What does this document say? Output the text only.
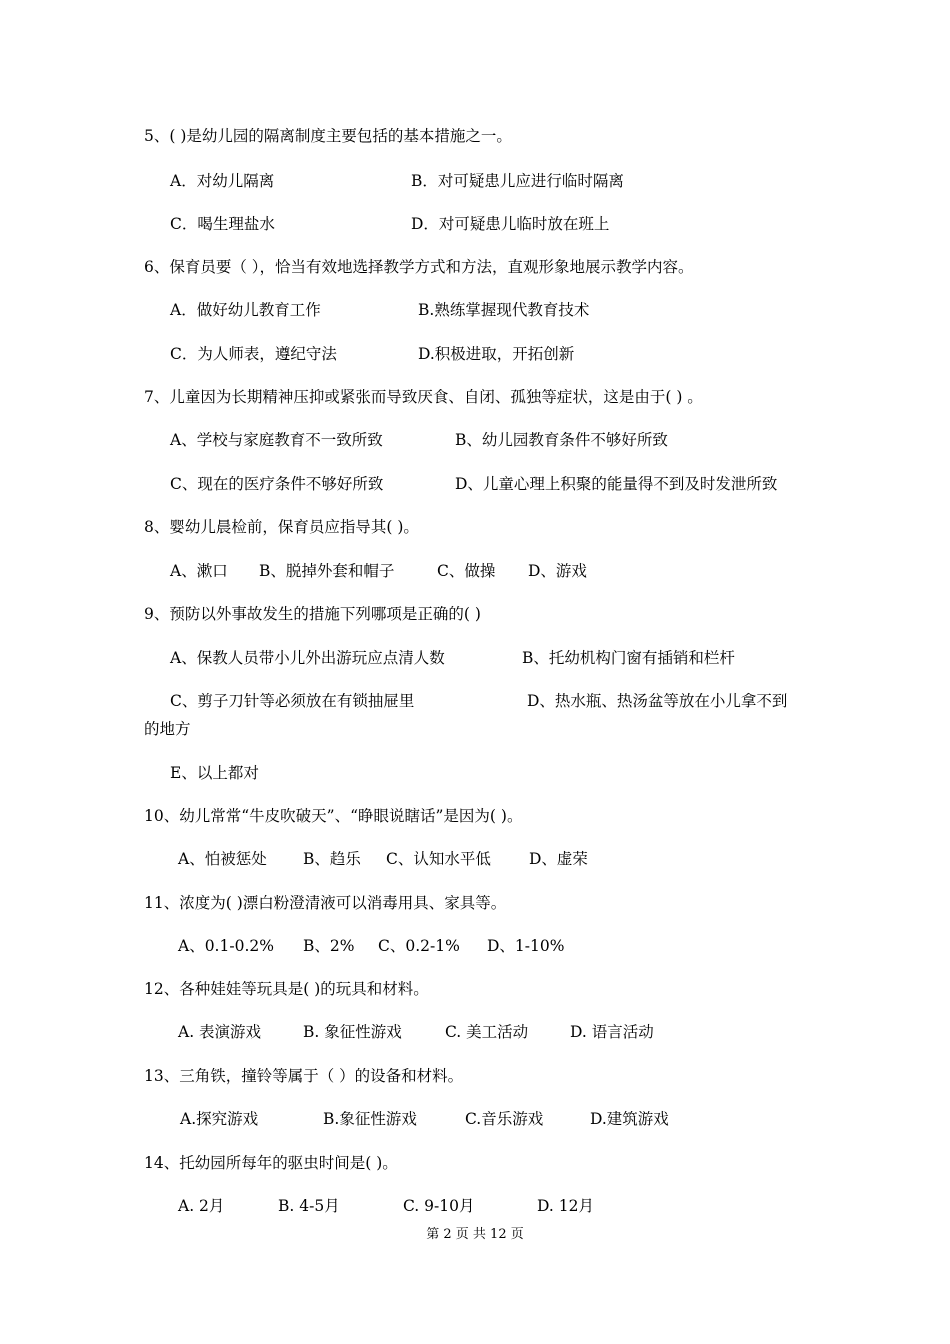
5、( )是幼儿园的隔离制度主要包括的基本措施之一。
A．对幼儿隔离	B．对可疑患儿应进行临时隔离
C．喝生理盐水	D．对可疑患儿临时放在班上
6、保育员要（ ），恰当有效地选择教学方式和方法，直观形象地展示教学内容。
A．做好幼儿教育工作	B.熟练掌握现代教育技术
C．为人师表，遵纪守法	D.积极进取，开拓创新
7、儿童因为长期精神压抑或紧张而导致厌食、自闭、孤独等症状，这是由于( ) 。
A、学校与家庭教育不一致所致	B、幼儿园教育条件不够好所致
C、现在的医疗条件不够好所致	D、儿童心理上积聚的能量得不到及时发泄所致
8、婴幼儿晨检前，保育员应指导其( )。
A、漱口 B、脱掉外套和帽子	C、做操 D、游戏
9、预防以外事故发生的措施下列哪项是正确的( )
A、保教人员带小儿外出游玩应点清人数	B、托幼机构门窗有插销和栏杆
C、剪子刀针等必须放在有锁抽屉里	D、热水瓶、热汤盆等放在小儿拿不到
的地方
E、以上都对
10、幼儿常常“牛皮吹破天”、“睁眼说瞎话”是因为( )。
A、怕被惩处 B、趋乐 C、认知水平低 D、虚荣
11、浓度为( )漂白粉澄清液可以消毒用具、家具等。
A、0.1-0.2% B、2% C、0.2-1% D、1-10%
12、各种娃娃等玩具是( )的玩具和材料。
A. 表演游戏	B. 象征性游戏	C. 美工活动	D. 语言活动
13、三角铁，撞铃等属于（ ）的设备和材料。
A.探究游戏	B.象征性游戏	C.音乐游戏	D.建筑游戏
14、托幼园所每年的驱虫时间是( )。
A. 2月	B. 4-5月	C. 9-10月	D. 12月
第 2 页 共 12 页
